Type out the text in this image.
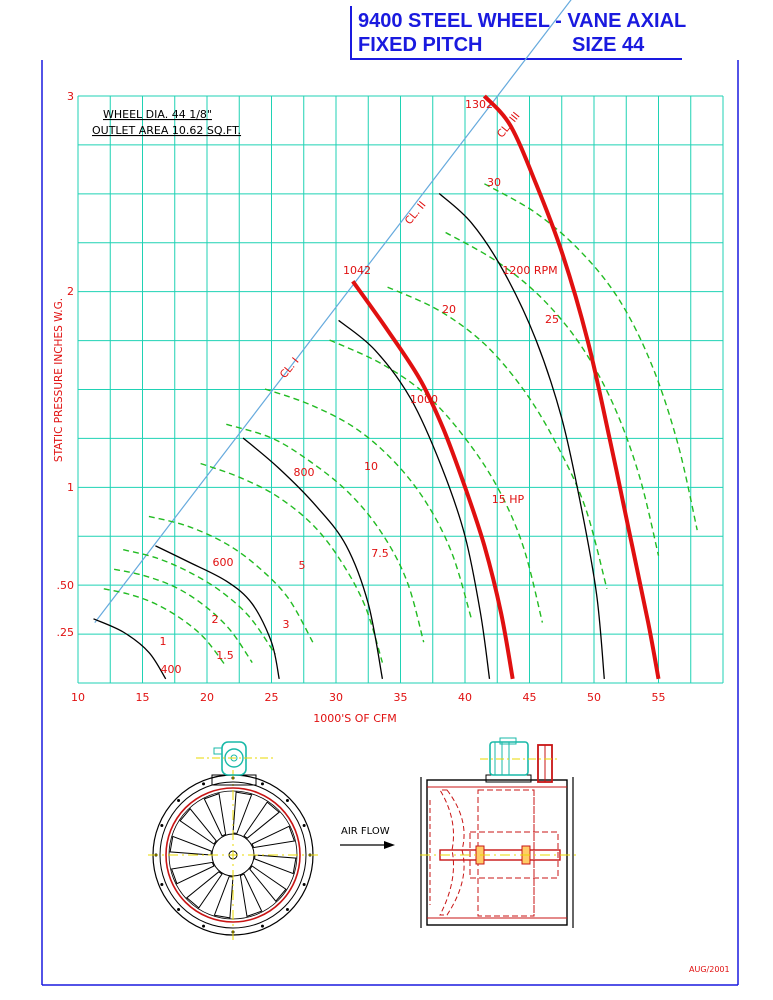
9400 STEEL WHEEL - VANE AXIAL
FIXED PITCH	SIZE 44
10	15	20	25	30	35	40	45	50	55
.25
.50
1
2
3
1000'S OF CFM
STATIC PRESSURE INCHES W.G.
1
1.5
2	3
5
7.5
10
15 HP
20
25
30
400
600
800
1000
1200 RPM
1042
1302
CL. I
CL. II
CL. III
WHEEL DIA. 44 1/8"
OUTLET AREA 10.62 SQ.FT.
AIR FLOW
AUG/2001
